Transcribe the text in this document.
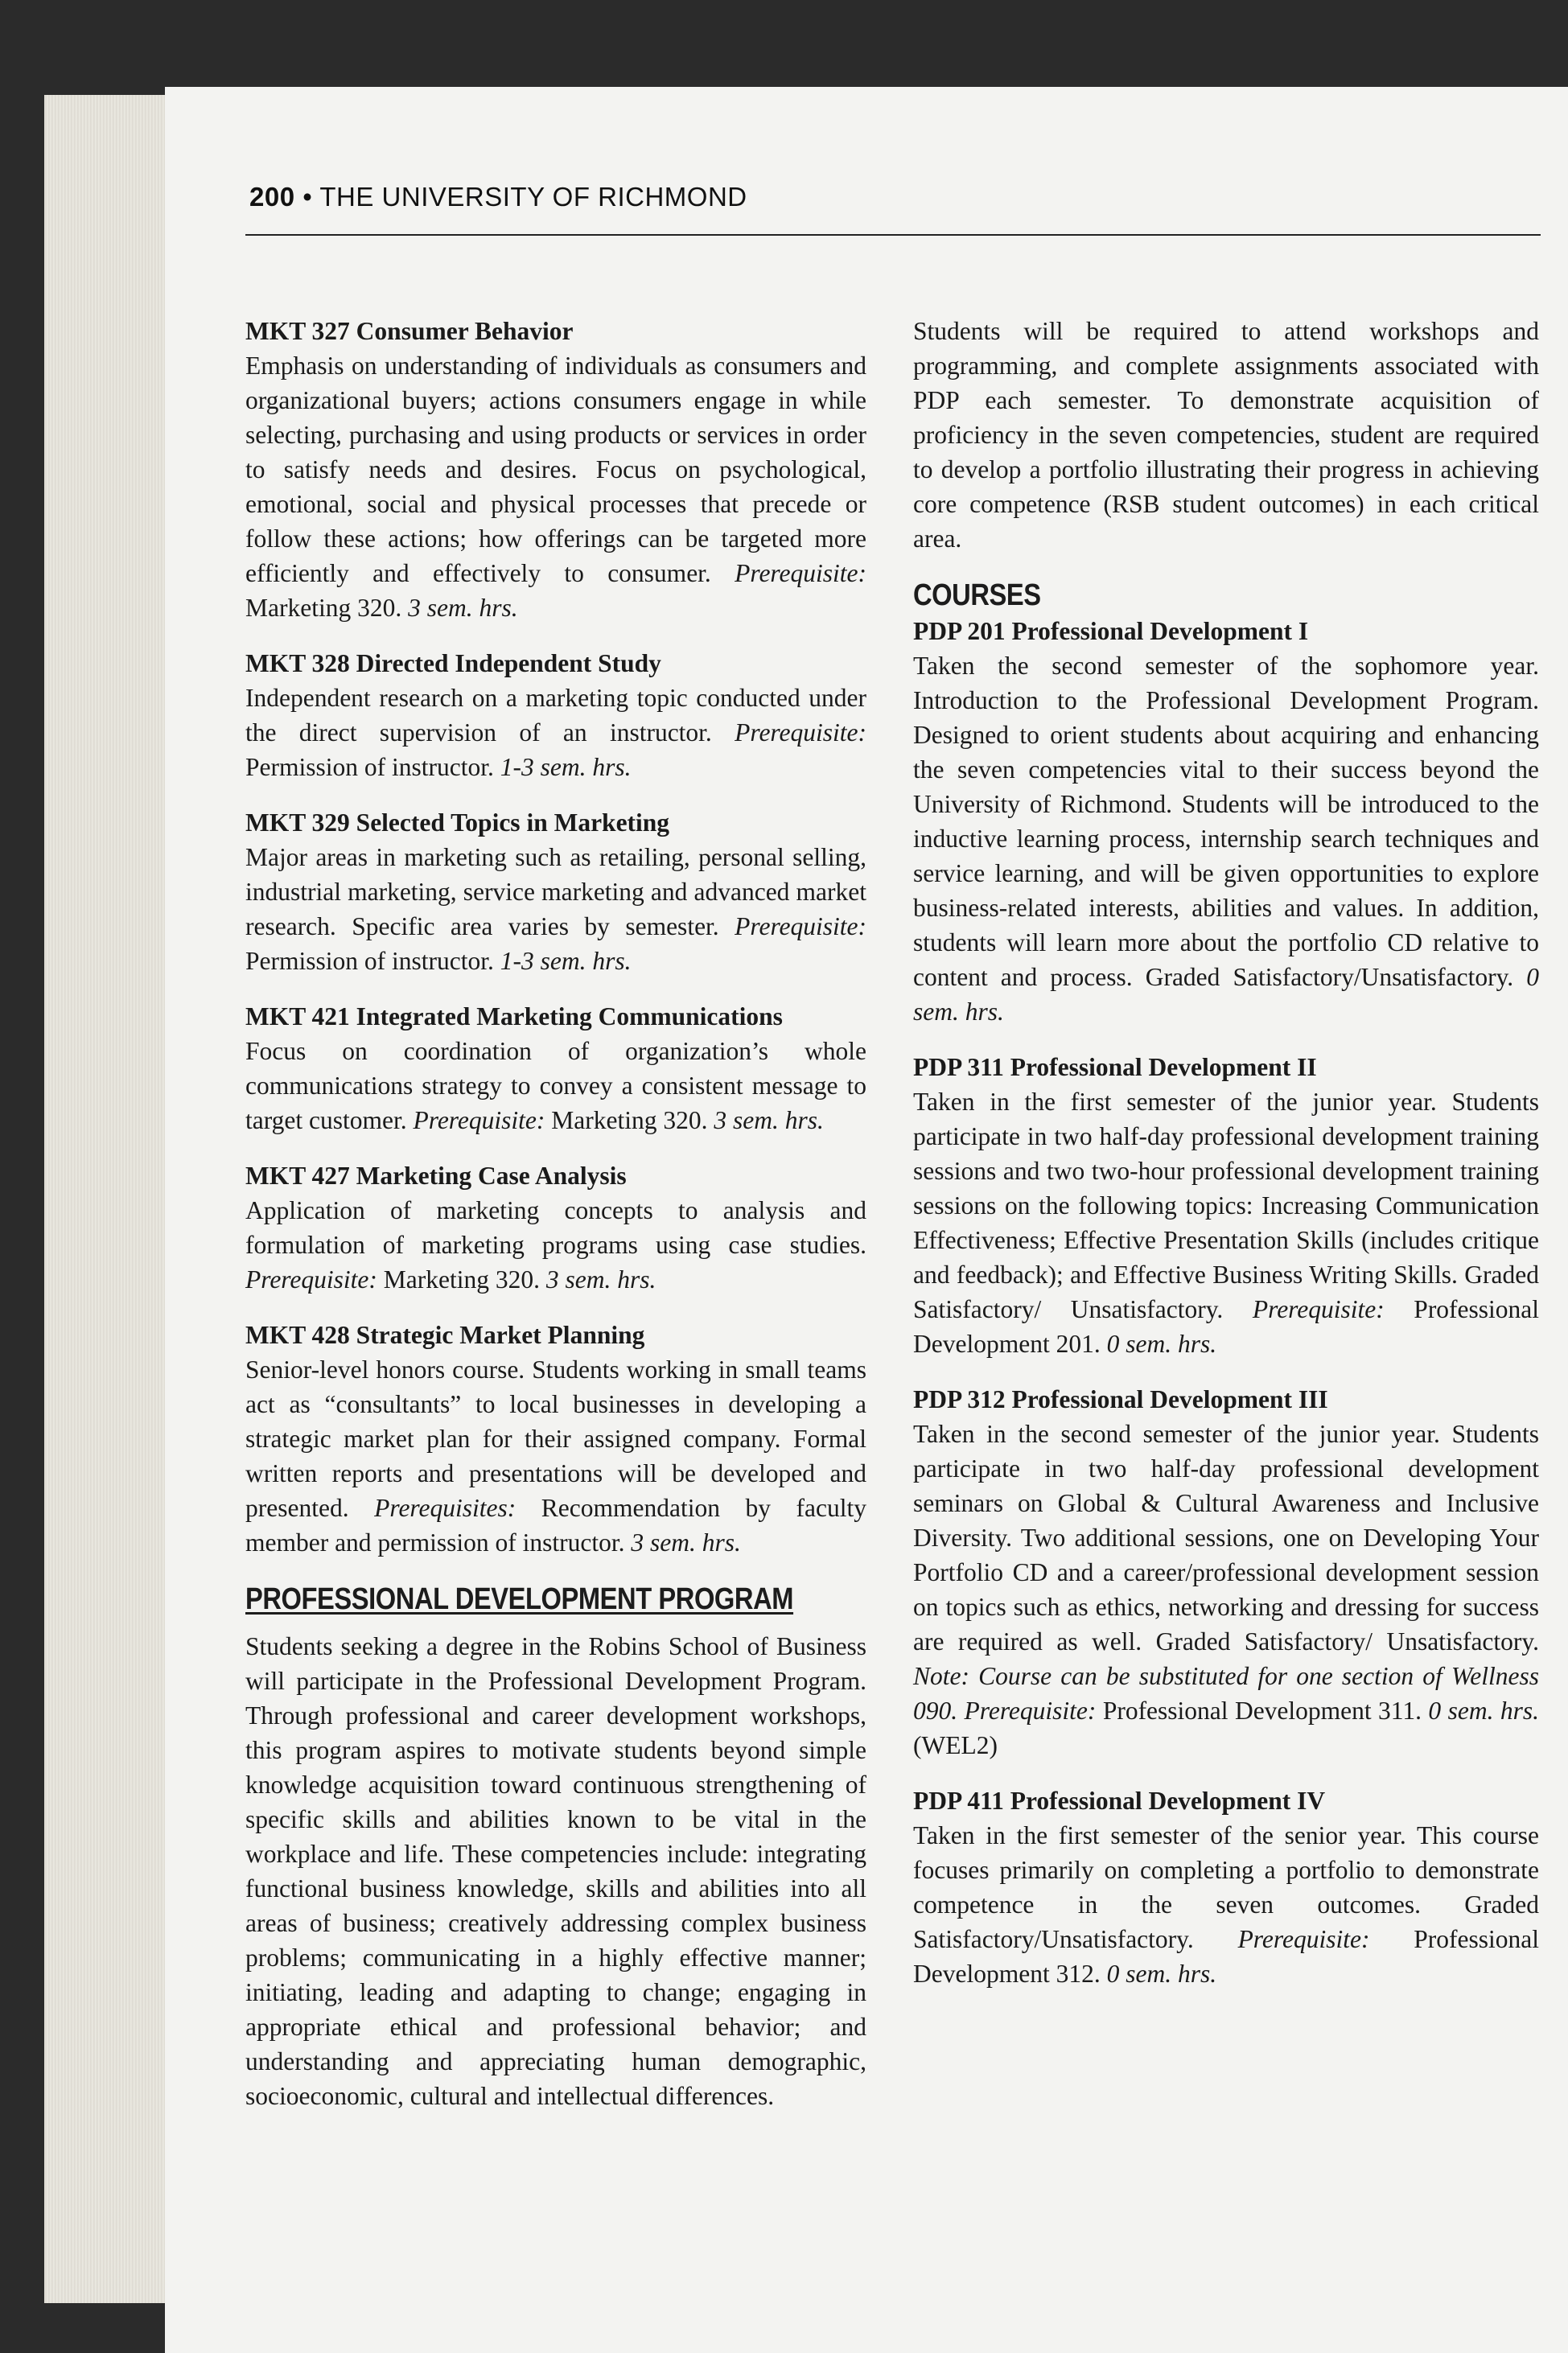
200 • THE UNIVERSITY OF RICHMOND
MKT 327 Consumer Behavior

Emphasis on understanding of individuals as consumers and organizational buyers; actions consumers engage in while selecting, purchasing and using products or services in order to satisfy needs and desires. Focus on psychological, emotional, social and physical processes that precede or follow these actions; how offerings can be targeted more efficiently and effectively to consumer. Prerequisite: Marketing 320. 3 sem. hrs.

MKT 328 Directed Independent Study

Independent research on a marketing topic conducted under the direct supervision of an instructor. Prerequisite: Permission of instructor. 1-3 sem. hrs.

MKT 329 Selected Topics in Marketing

Major areas in marketing such as retailing, personal selling, industrial marketing, service marketing and advanced market research. Specific area varies by semester. Prerequisite: Permission of instructor. 1-3 sem. hrs.

MKT 421 Integrated Marketing Communications

Focus on coordination of organization’s whole communications strategy to convey a consistent message to target customer. Prerequisite: Marketing 320. 3 sem. hrs.

MKT 427 Marketing Case Analysis

Application of marketing concepts to analysis and formulation of marketing programs using case studies. Prerequisite: Marketing 320. 3 sem. hrs.

MKT 428 Strategic Market Planning

Senior-level honors course. Students working in small teams act as “consultants” to local businesses in developing a strategic market plan for their assigned company. Formal written reports and presentations will be developed and presented. Prerequisites: Recommendation by faculty member and permission of instructor. 3 sem. hrs.

PROFESSIONAL DEVELOPMENT PROGRAM

Students seeking a degree in the Robins School of Business will participate in the Professional Development Program. Through professional and career development workshops, this program aspires to motivate students beyond simple knowledge acquisition toward continuous strengthening of specific skills and abilities known to be vital in the workplace and life. These competencies include: integrating functional business knowledge, skills and abilities into all areas of business; creatively addressing complex business problems; communicating in a highly effective manner; initiating, leading and adapting to change; engaging in appropriate ethical and professional behavior; and understanding and appreciating human demographic, socioeconomic, cultural and intellectual differences.

Students will be required to attend workshops and programming, and complete assignments associated with PDP each semester. To demonstrate acquisition of proficiency in the seven competencies, student are required to develop a portfolio illustrating their progress in achieving core competence (RSB student outcomes) in each critical area.

COURSES
PDP 201 Professional Development I

Taken the second semester of the sophomore year. Introduction to the Professional Development Program. Designed to orient students about acquiring and enhancing the seven competencies vital to their success beyond the University of Richmond. Students will be introduced to the inductive learning process, internship search techniques and service learning, and will be given opportunities to explore business-related interests, abilities and values. In addition, students will learn more about the portfolio CD relative to content and process. Graded Satisfactory/Unsatisfactory. 0 sem. hrs.

PDP 311 Professional Development II

Taken in the first semester of the junior year. Students participate in two half-day professional development training sessions and two two-hour professional development training sessions on the following topics: Increasing Communication Effectiveness; Effective Presentation Skills (includes critique and feedback); and Effective Business Writing Skills. Graded Satisfactory/ Unsatisfactory. Prerequisite: Professional Development 201. 0 sem. hrs.

PDP 312 Professional Development III

Taken in the second semester of the junior year. Students participate in two half-day professional development seminars on Global & Cultural Awareness and Inclusive Diversity. Two additional sessions, one on Developing Your Portfolio CD and a career/professional development session on topics such as ethics, networking and dressing for success are required as well. Graded Satisfactory/ Unsatisfactory. Note: Course can be substituted for one section of Wellness 090. Prerequisite: Professional Development 311. 0 sem. hrs. (WEL2)

PDP 411 Professional Development IV

Taken in the first semester of the senior year. This course focuses primarily on completing a portfolio to demonstrate competence in the seven outcomes. Graded Satisfactory/Unsatisfactory. Prerequisite: Professional Development 312. 0 sem. hrs.
